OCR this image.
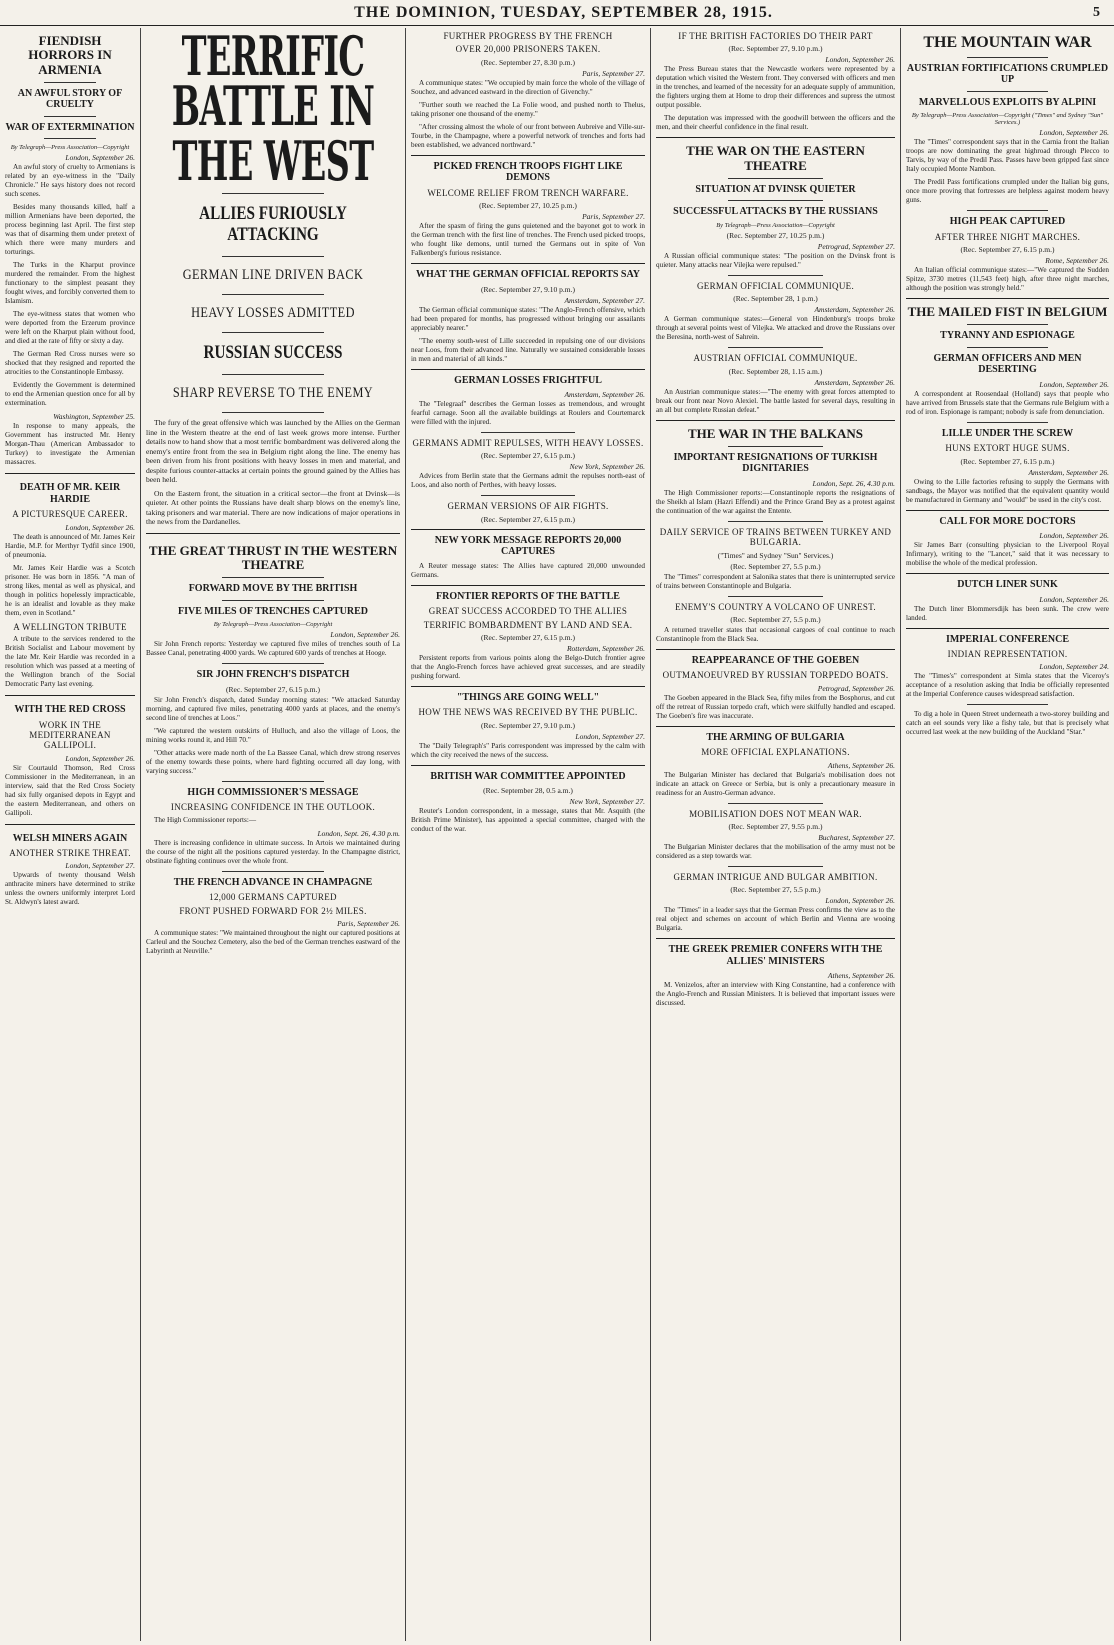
THE DOMINION, TUESDAY, SEPTEMBER 28, 1915.	5
FIENDISH HORRORS IN ARMENIA
AN AWFUL STORY OF CRUELTY
WAR OF EXTERMINATION
By Telegraph—Press Association—Copyright
London, September 26.

An awful story of cruelty to Armenians is related by an eye-witness in the "Daily Chronicle." He says history does not record such scenes.

Besides many thousands killed, half a million Armenians have been deported, the process beginning last April. The first step was that of disarming them under pretext of which there were many murders and torturings.

The Turks in the Kharput province murdered the remainder. From the highest functionary to the simplest peasant they fought wives, and forcibly converted them to Islamism.

The eye-witness states that women who were deported from the Erzerum province were left on the Kharput plain without food, and died at the rate of fifty or sixty a day.

The German Red Cross nurses were so shocked that they resigned and reported the atrocities to the Constantinople Embassy.

Evidently the Government is determined to end the Armenian question once for all by extermination.

Washington, September 25.

In response to many appeals, the Government has instructed Mr. Henry Morgan-Thau (American Ambassador to Turkey) to investigate the Armenian massacres.

DEATH OF MR. KEIR HARDIE
A PICTURESQUE CAREER.
London, September 26.

The death is announced of Mr. James Keir Hardie, M.P. for Merthyr Tydfil since 1900, of pneumonia.

Mr. James Keir Hardie was a Scotch prisoner. He was born in 1856. "A man of strong likes, mental as well as physical, and though in politics hopelessly impracticable, he is an idealist and lovable as they make them, even in Scotland."

A WELLINGTON TRIBUTE

A tribute to the services rendered to the British Socialist and Labour movement by the late Mr. Keir Hardie was recorded in a resolution which was passed at a meeting of the Wellington branch of the Social Democratic Party last evening.

WITH THE RED CROSS
WORK IN THE MEDITERRANEAN GALLIPOLI.
London, September 26.

Sir Courtauld Thomson, Red Cross Commissioner in the Mediterranean, in an interview, said that the Red Cross Society had six fully organised depots in Egypt and the eastern Mediterranean, and others on Gallipoli.

WELSH MINERS AGAIN
ANOTHER STRIKE THREAT.
London, September 27.

Upwards of twenty thousand Welsh anthracite miners have determined to strike unless the owners uniformly interpret Lord St. Aldwyn's latest award.

TERRIFIC BATTLE IN
THE WEST
ALLIES FURIOUSLY ATTACKING
GERMAN LINE DRIVEN BACK
HEAVY LOSSES ADMITTED
RUSSIAN SUCCESS
SHARP REVERSE TO THE ENEMY

The fury of the great offensive which was launched by the Allies on the German line in the Western theatre at the end of last week grows more intense. Further details now to hand show that a most terrific bombardment was delivered along the enemy's entire front from the sea in Belgium right along the line. The enemy has been driven from his front positions with heavy losses in men and material, and despite furious counter-attacks at certain points the ground gained by the Allies has been held.

On the Eastern front, the situation in a critical sector—the front at Dvinsk—is quieter. At other points the Russians have dealt sharp blows on the enemy's line, taking prisoners and war material. There are now indications of major operations in the news from the Dardanelles.

THE GREAT THRUST IN THE WESTERN THEATRE
FORWARD MOVE BY THE BRITISH
FIVE MILES OF TRENCHES CAPTURED
By Telegraph—Press Association—Copyright
London, September 26.

Sir John French reports: Yesterday we captured five miles of trenches south of La Bassee Canal, penetrating 4000 yards. We captured 600 yards of trenches at Hooge.

SIR JOHN FRENCH'S DISPATCH
(Rec. September 27, 6.15 p.m.)

Sir John French's dispatch, dated Sunday morning states: "We attacked Saturday morning, and captured five miles, penetrating 4000 yards at places, and the enemy's second line of trenches at Loos."

"We captured the western outskirts of Hulluch, and also the village of Loos, the mining works round it, and Hill 70."

"Other attacks were made north of the La Bassee Canal, which drew strong reserves of the enemy towards these points, where hard fighting occurred all day long, with varying success."

HIGH COMMISSIONER'S MESSAGE
INCREASING CONFIDENCE IN THE OUTLOOK.

The High Commissioner reports:—

London, Sept. 26, 4.30 p.m.

There is increasing confidence in ultimate success. In Artois we maintained during the course of the night all the positions captured yesterday. In the Champagne district, obstinate fighting continues over the whole front.

THE FRENCH ADVANCE IN CHAMPAGNE
12,000 GERMANS CAPTURED
FRONT PUSHED FORWARD FOR 2½ MILES.
Paris, September 26.

A communique states: "We maintained throughout the night our captured positions at Carleul and the Souchez Cemetery, also the bed of the German trenches eastward of the Labyrinth at Neuville."

FURTHER PROGRESS BY THE FRENCH
OVER 20,000 PRISONERS TAKEN.
(Rec. September 27, 8.30 p.m.)
Paris, September 27.

A communique states: "We occupied by main force the whole of the village of Souchez, and advanced eastward in the direction of Givenchy."

"Further south we reached the La Folie wood, and pushed north to Thelus, taking prisoner one thousand of the enemy."

"After crossing almost the whole of our front between Aubreive and Ville-sur-Tourbe, in the Champagne, where a powerful network of trenches and forts had been established, we advanced northward."

PICKED FRENCH TROOPS FIGHT LIKE DEMONS
WELCOME RELIEF FROM TRENCH WARFARE.
(Rec. September 27, 10.25 p.m.)
Paris, September 27.

After the spasm of firing the guns quietened and the bayonet got to work in the German trench with the first line of trenches. The French used picked troops, who fought like demons, until turned the Germans out in spite of Von Falkenberg's furious resistance.

WHAT THE GERMAN OFFICIAL REPORTS SAY
(Rec. September 27, 9.10 p.m.)
Amsterdam, September 27.

The German official communique states: "The Anglo-French offensive, which had been prepared for months, has progressed without bringing our assailants appreciably nearer."

"The enemy south-west of Lille succeeded in repulsing one of our divisions near Loos, from their advanced line. Naturally we sustained considerable losses in men and material of all kinds."

GERMAN LOSSES FRIGHTFUL
Amsterdam, September 26.

The "Telegraaf" describes the German losses as tremendous, and wrought fearful carnage. Soon all the available buildings at Roulers and Courtemarck were filled with the injured.

GERMANS ADMIT REPULSES, WITH HEAVY LOSSES.
(Rec. September 27, 6.15 p.m.)
New York, September 26.

Advices from Berlin state that the Germans admit the repulses north-east of Loos, and also north of Perthes, with heavy losses.

GERMAN VERSIONS OF AIR FIGHTS.
(Rec. September 27, 6.15 p.m.)
NEW YORK MESSAGE REPORTS 20,000 CAPTURES

A Reuter message states: The Allies have captured 20,000 unwounded Germans.

FRONTIER REPORTS OF THE BATTLE
GREAT SUCCESS ACCORDED TO THE ALLIES
TERRIFIC BOMBARDMENT BY LAND AND SEA.
(Rec. September 27, 6.15 p.m.)
Rotterdam, September 26.

Persistent reports from various points along the Belgo-Dutch frontier agree that the Anglo-French forces have achieved great successes, and are steadily pushing forward.

"THINGS ARE GOING WELL"
HOW THE NEWS WAS RECEIVED BY THE PUBLIC.
(Rec. September 27, 9.10 p.m.)
London, September 27.

The "Daily Telegraph's" Paris correspondent was impressed by the calm with which the city received the news of the success.

BRITISH WAR COMMITTEE APPOINTED
(Rec. September 28, 0.5 a.m.)
New York, September 27.

Reuter's London correspondent, in a message, states that Mr. Asquith (the British Prime Minister), has appointed a special committee, charged with the conduct of the war.

IF THE BRITISH FACTORIES DO THEIR PART
(Rec. September 27, 9.10 p.m.)
London, September 26.

The Press Bureau states that the Newcastle workers were represented by a deputation which visited the Western front. They conversed with officers and men in the trenches, and learned of the necessity for an adequate supply of ammunition, the fighters urging them at Home to drop their differences and supress the utmost output possible.

The deputation was impressed with the goodwill between the officers and the men, and their cheerful confidence in the final result.

THE WAR ON THE EASTERN THEATRE
SITUATION AT DVINSK QUIETER
SUCCESSFUL ATTACKS BY THE RUSSIANS
By Telegraph—Press Association—Copyright
(Rec. September 27, 10.25 p.m.)
Petrograd, September 27.

A Russian official communique states: "The position on the Dvinsk front is quieter. Many attacks near Vilejka were repulsed."

GERMAN OFFICIAL COMMUNIQUE.
(Rec. September 28, 1 p.m.)
Amsterdam, September 26.

A German communique states:—General von Hindenburg's troops broke through at several points west of Vilejka. We attacked and drove the Russians over the Beresina, north-west of Sahrein.

AUSTRIAN OFFICIAL COMMUNIQUE.
(Rec. September 28, 1.15 a.m.)
Amsterdam, September 26.

An Austrian communique states:—"The enemy with great forces attempted to break our front near Novo Alexiel. The battle lasted for several days, resulting in an all but complete Russian defeat."

THE WAR IN THE BALKANS
IMPORTANT RESIGNATIONS OF TURKISH DIGNITARIES
London, Sept. 26, 4.30 p.m.

The High Commissioner reports:—Constantinople reports the resignations of the Sheikh al Islam (Hazri Effendi) and the Prince Grand Bey as a protest against the continuation of the war against the Entente.

DAILY SERVICE OF TRAINS BETWEEN TURKEY AND BULGARIA.
("Times" and Sydney "Sun" Services.)
(Rec. September 27, 5.5 p.m.)

The "Times" correspondent at Salonika states that there is uninterrupted service of trains between Constantinople and Bulgaria.

ENEMY'S COUNTRY A VOLCANO OF UNREST.
(Rec. September 27, 5.5 p.m.)

A returned traveller states that occasional cargoes of coal continue to reach Constantinople from the Black Sea.

REAPPEARANCE OF THE GOEBEN
OUTMANOEUVRED BY RUSSIAN TORPEDO BOATS.
Petrograd, September 26.

The Goeben appeared in the Black Sea, fifty miles from the Bosphorus, and cut off the retreat of Russian torpedo craft, which were skilfully handled and escaped. The Goeben's fire was inaccurate.

THE ARMING OF BULGARIA
MORE OFFICIAL EXPLANATIONS.
Athens, September 26.

The Bulgarian Minister has declared that Bulgaria's mobilisation does not indicate an attack on Greece or Serbia, but is only a precautionary measure in readiness for an Austro-German advance.

MOBILISATION DOES NOT MEAN WAR.
(Rec. September 27, 9.55 p.m.)
Bucharest, September 27.

The Bulgarian Minister declares that the mobilisation of the army must not be considered as a step towards war.

GERMAN INTRIGUE AND BULGAR AMBITION.
(Rec. September 27, 5.5 p.m.)
London, September 26.

The "Times" in a leader says that the German Press confirms the view as to the real object and schemes on account of which Berlin and Vienna are wooing Bulgaria.

THE GREEK PREMIER CONFERS WITH THE ALLIES' MINISTERS
Athens, September 26.

M. Venizelos, after an interview with King Constantine, had a conference with the Anglo-French and Russian Ministers. It is believed that important issues were discussed.

THE MOUNTAIN WAR
AUSTRIAN FORTIFICATIONS CRUMPLED UP
MARVELLOUS EXPLOITS BY ALPINI
By Telegraph—Press Association—Copyright ("Times" and Sydney "Sun" Services.)
London, September 26.

The "Times" correspondent says that in the Carnia front the Italian troops are now dominating the great highroad through Plecco to Tarvis, by way of the Predil Pass. Passes have been gripped fast since Italy occupied Monte Nambon.

The Predil Pass fortifications crumpled under the Italian big guns, once more proving that fortresses are helpless against modern heavy guns.

HIGH PEAK CAPTURED
AFTER THREE NIGHT MARCHES.
(Rec. September 27, 6.15 p.m.)
Rome, September 26.

An Italian official communique states:—"We captured the Sudden Spitze, 3730 metres (11,543 feet) high, after three night marches, although the position was strongly held."

THE MAILED FIST IN BELGIUM
TYRANNY AND ESPIONAGE
GERMAN OFFICERS AND MEN DESERTING
London, September 26.

A correspondent at Roosendaal (Holland) says that people who have arrived from Brussels state that the Germans rule Belgium with a rod of iron. Espionage is rampant; nobody is safe from denunciation.

LILLE UNDER THE SCREW
HUNS EXTORT HUGE SUMS.
(Rec. September 27, 6.15 p.m.)
Amsterdam, September 26.

Owing to the Lille factories refusing to supply the Germans with sandbags, the Mayor was notified that the equivalent quantity would be manufactured in Germany and "would" be used in the city's cost.

CALL FOR MORE DOCTORS
London, September 26.

Sir James Barr (consulting physician to the Liverpool Royal Infirmary), writing to the "Lancet," said that it was necessary to mobilise the whole of the medical profession.

DUTCH LINER SUNK
London, September 26.

The Dutch liner Blommersdijk has been sunk. The crew were landed.

IMPERIAL CONFERENCE
INDIAN REPRESENTATION.
London, September 24.

The "Times's" correspondent at Simla states that the Viceroy's acceptance of a resolution asking that India be officially represented at the Imperial Conference causes widespread satisfaction.

To dig a hole in Queen Street underneath a two-storey building and catch an eel sounds very like a fishy tale, but that is precisely what occurred last week at the new building of the Auckland "Star."
